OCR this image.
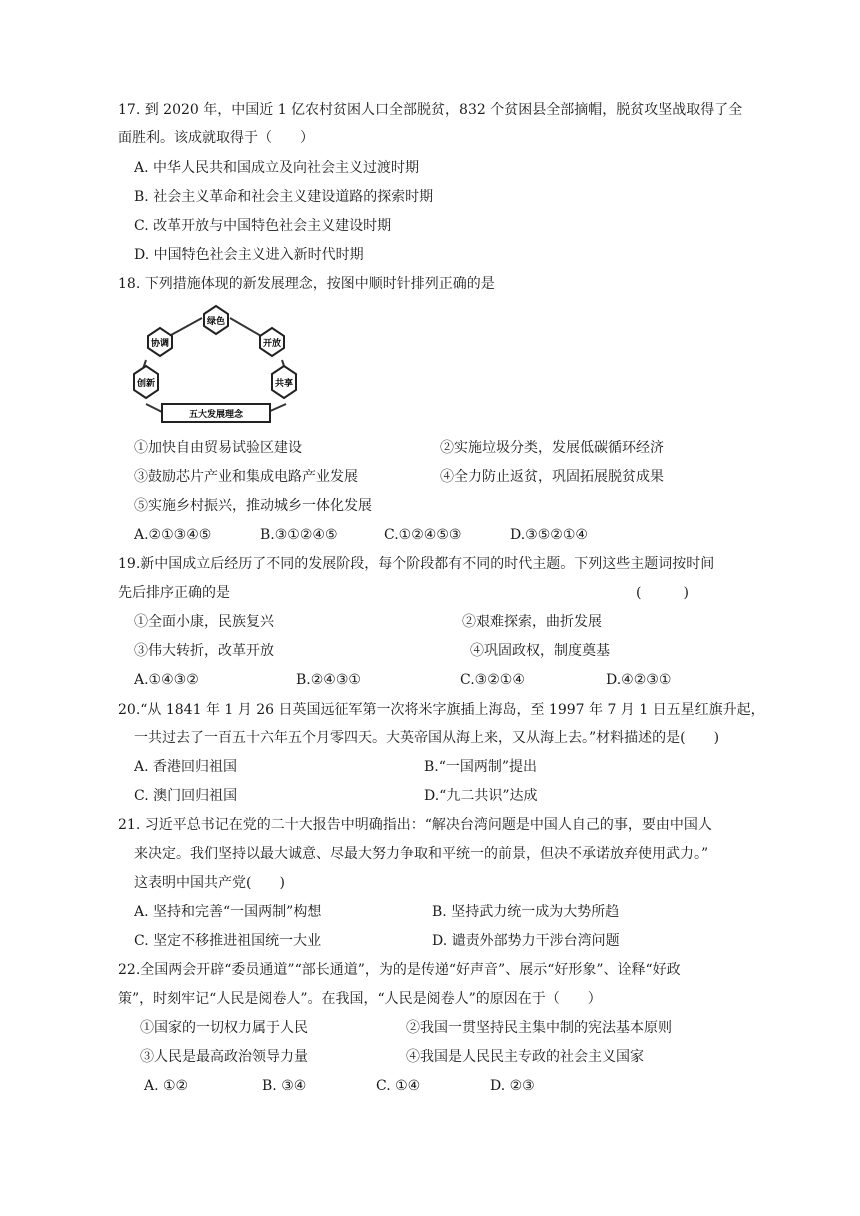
17. 到 2020 年，中国近 1 亿农村贫困人口全部脱贫，832 个贫困县全部摘帽，脱贫攻坚战取得了全
面胜利。该成就取得于（　　）
A. 中华人民共和国成立及向社会主义过渡时期
B. 社会主义革命和社会主义建设道路的探索时期
C. 改革开放与中国特色社会主义建设时期
D. 中国特色社会主义进入新时代时期
18. 下列措施体现的新发展理念，按图中顺时针排列正确的是
绿色
开放
共享
创新
协调
五大发展理念
①加快自由贸易试验区建设	②实施垃圾分类，发展低碳循环经济
③鼓励芯片产业和集成电路产业发展	④全力防止返贫，巩固拓展脱贫成果
⑤实施乡村振兴，推动城乡一体化发展
A.②①③④⑤	B.③①②④⑤	C.①②④⑤③	D.③⑤②①④
19.新中国成立后经历了不同的发展阶段，每个阶段都有不同的时代主题。下列这些主题词按时间
先后排序正确的是	(　　　)
①全面小康，民族复兴	②艰难探索，曲折发展
③伟大转折，改革开放	④巩固政权，制度奠基
A.①④③②	B.②④③①	C.③②①④	D.④②③①
20.“从 1841 年 1 月 26 日英国远征军第一次将米字旗插上海岛，至 1997 年 7 月 1 日五星红旗升起，
一共过去了一百五十六年五个月零四天。大英帝国从海上来，又从海上去。”材料描述的是(　　)
A. 香港回归祖国	B.“一国两制”提出
C. 澳门回归祖国	D.“九二共识”达成
21. 习近平总书记在党的二十大报告中明确指出：“解决台湾问题是中国人自己的事，要由中国人
来决定。我们坚持以最大诚意、尽最大努力争取和平统一的前景，但决不承诺放弃使用武力。”
这表明中国共产党(　　)
A. 坚持和完善“一国两制”构想	B. 坚持武力统一成为大势所趋
C. 坚定不移推进祖国统一大业	D. 谴责外部势力干涉台湾问题
22.全国两会开辟“委员通道”“部长通道”，为的是传递“好声音”、展示“好形象”、诠释“好政
策”，时刻牢记“人民是阅卷人”。在我国，“人民是阅卷人”的原因在于（　　）
①国家的一切权力属于人民	②我国一贯坚持民主集中制的宪法基本原则
③人民是最高政治领导力量	④我国是人民民主专政的社会主义国家
A. ①②	B. ③④	C. ①④	D. ②③
